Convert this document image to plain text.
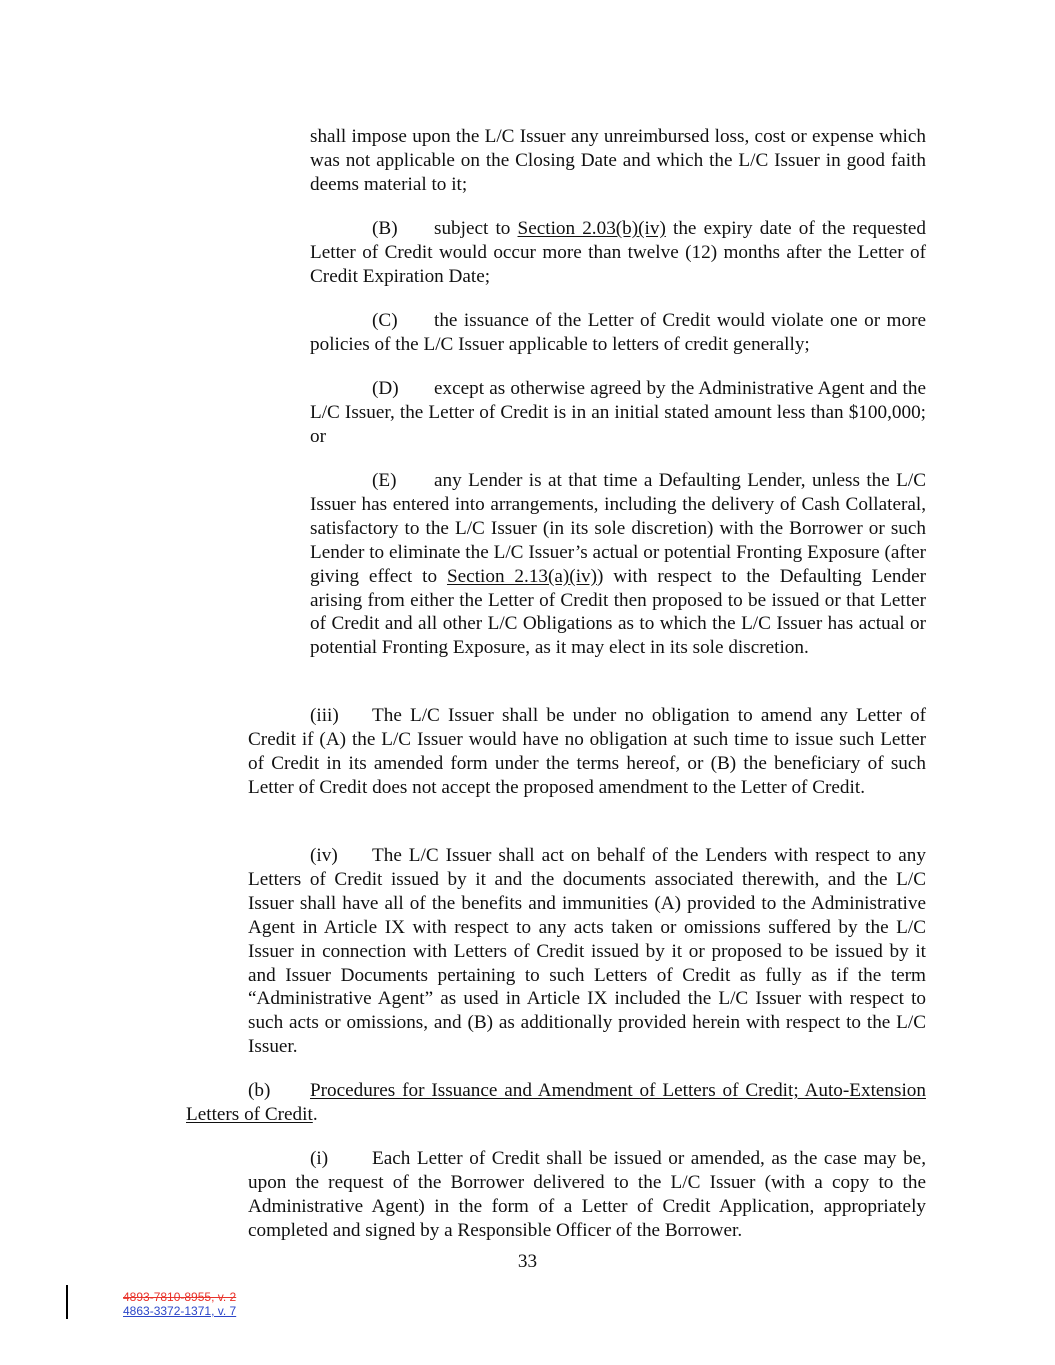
shall impose upon the L/C Issuer any unreimbursed loss, cost or expense which was not applicable on the Closing Date and which the L/C Issuer in good faith deems material to it;

(B) subject to Section 2.03(b)(iv) the expiry date of the requested Letter of Credit would occur more than twelve (12) months after the Letter of Credit Expiration Date;

(C) the issuance of the Letter of Credit would violate one or more policies of the L/C Issuer applicable to letters of credit generally;

(D) except as otherwise agreed by the Administrative Agent and the L/C Issuer, the Letter of Credit is in an initial stated amount less than $100,000; or

(E) any Lender is at that time a Defaulting Lender, unless the L/C Issuer has entered into arrangements, including the delivery of Cash Collateral, satisfactory to the L/C Issuer (in its sole discretion) with the Borrower or such Lender to eliminate the L/C Issuer’s actual or potential Fronting Exposure (after giving effect to Section 2.13(a)(iv)) with respect to the Defaulting Lender arising from either the Letter of Credit then proposed to be issued or that Letter of Credit and all other L/C Obligations as to which the L/C Issuer has actual or potential Fronting Exposure, as it may elect in its sole discretion.

(iii) The L/C Issuer shall be under no obligation to amend any Letter of Credit if (A) the L/C Issuer would have no obligation at such time to issue such Letter of Credit in its amended form under the terms hereof, or (B) the beneficiary of such Letter of Credit does not accept the proposed amendment to the Letter of Credit.

(iv) The L/C Issuer shall act on behalf of the Lenders with respect to any Letters of Credit issued by it and the documents associated therewith, and the L/C Issuer shall have all of the benefits and immunities (A) provided to the Administrative Agent in Article IX with respect to any acts taken or omissions suffered by the L/C Issuer in connection with Letters of Credit issued by it or proposed to be issued by it and Issuer Documents pertaining to such Letters of Credit as fully as if the term “Administrative Agent” as used in Article IX included the L/C Issuer with respect to such acts or omissions, and (B) as additionally provided herein with respect to the L/C Issuer.

(b) Procedures for Issuance and Amendment of Letters of Credit; Auto-Extension Letters of Credit.

(i) Each Letter of Credit shall be issued or amended, as the case may be, upon the request of the Borrower delivered to the L/C Issuer (with a copy to the Administrative Agent) in the form of a Letter of Credit Application, appropriately completed and signed by a Responsible Officer of the Borrower.

33

4893-7810-8955, v. 2

4863-3372-1371, v. 7
